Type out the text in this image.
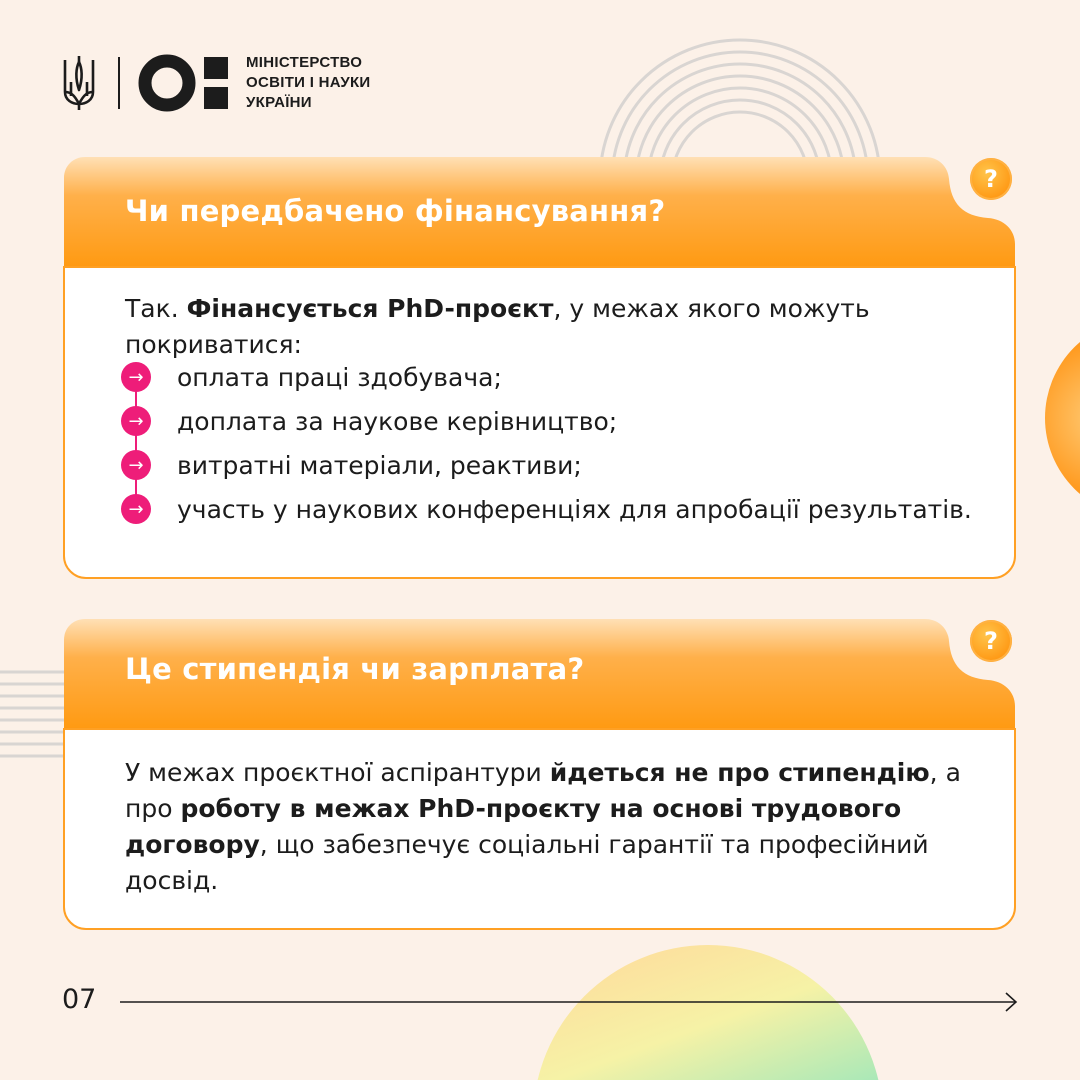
МІНІСТЕРСТВО
ОСВІТИ І НАУКИ
УКРАЇНИ
Чи передбачено фінансування?
?
Так. Фінансується PhD-проєкт, у межах якого можуть покриватися:
→ оплата праці здобувача;
→ доплата за наукове керівництво;
→ витратні матеріали, реактиви;
→ участь у наукових конференціях для апробації результатів.
Це стипендія чи зарплата?
?
У межах проєктної аспірантури йдеться не про стипендію, а про роботу в межах PhD-проєкту на основі трудового договору, що забезпечує соціальні гарантії та професійний досвід.
07
